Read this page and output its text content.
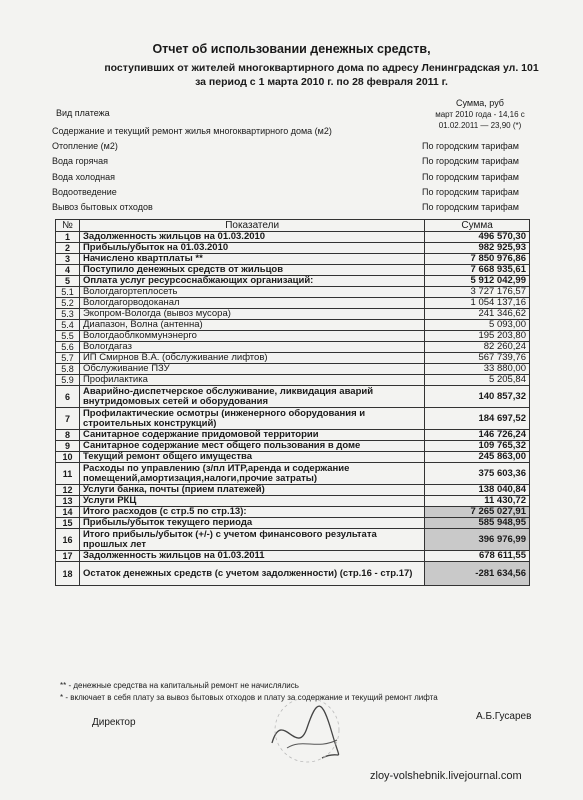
Отчет об использовании денежных средств,
поступивших от жителей многоквартирного дома по адресу Ленинградская ул. 101
за период с 1 марта 2010 г. по 28 февраля 2011 г.
Вид платежа
Сумма, руб
март 2010 года - 14,16 с
01.02.2011 — 23,90 (*)
Содержание и текущий ремонт жилья многоквартирного дома (м2)
Отопление (м2)	По городским тарифам
Вода горячая	По городским тарифам
Вода холодная	По городским тарифам
Водоотведение	По городским тарифам
Вывоз бытовых отходов	По городским тарифам
№	Показатели	Сумма
1	Задолженность жильцов на 01.03.2010	496 570,30
2	Прибыль/убыток на 01.03.2010	982 925,93
3	Начислено квартплаты **	7 850 976,86
4	Поступило денежных средств от жильцов	7 668 935,61
5	Оплата услуг ресурсоснабжающих организаций:	5 912 042,99
5.1	Вологдагортеплосеть	3 727 176,57
5.2	Вологдагорводоканал	1 054 137,16
5.3	Экопром-Вологда (вывоз мусора)	241 346,62
5.4	Диапазон, Волна (антенна)	5 093,00
5.5	Вологдаоблкоммунэнерго	195 203,80
5.6	Вологдагаз	82 260,24
5.7	ИП Смирнов В.А. (обслуживание лифтов)	567 739,76
5.8	Обслуживание ПЗУ	33 880,00
5.9	Профилактика	5 205,84
6	Аварийно-диспетчерское обслуживание, ликвидация аварий внутридомовых сетей и оборудования	140 857,32
7	Профилактические осмотры (инженерного оборудования и строительных конструкций)	184 697,52
8	Санитарное содержание придомовой территории	146 726,24
9	Санитарное содержание мест общего пользования в доме	109 765,32
10	Текущий ремонт общего имущества	245 863,00
11	Расходы по управлению (з/пл ИТР,аренда и содержание помещений,амортизация,налоги,прочие затраты)	375 603,36
12	Услуги банка, почты (прием платежей)	138 040,84
13	Услуги РКЦ	11 430,72
14	Итого расходов (с стр.5 по стр.13):	7 265 027,91
15	Прибыль/убыток текущего периода	585 948,95
16	Итого прибыль/убыток (+/-) с учетом финансового результата прошлых лет	396 976,99
17	Задолженность жильцов на 01.03.2011	678 611,55
18	Остаток денежных средств (с учетом задолженности) (стр.16 - стр.17)	-281 634,56
** - денежные средства на капитальный ремонт не начислялись
* - включает в себя плату за вывоз бытовых отходов и плату за содержание и текущий ремонт лифта
Директор
А.Б.Гусарев
zloy-volshebnik.livejournal.com
